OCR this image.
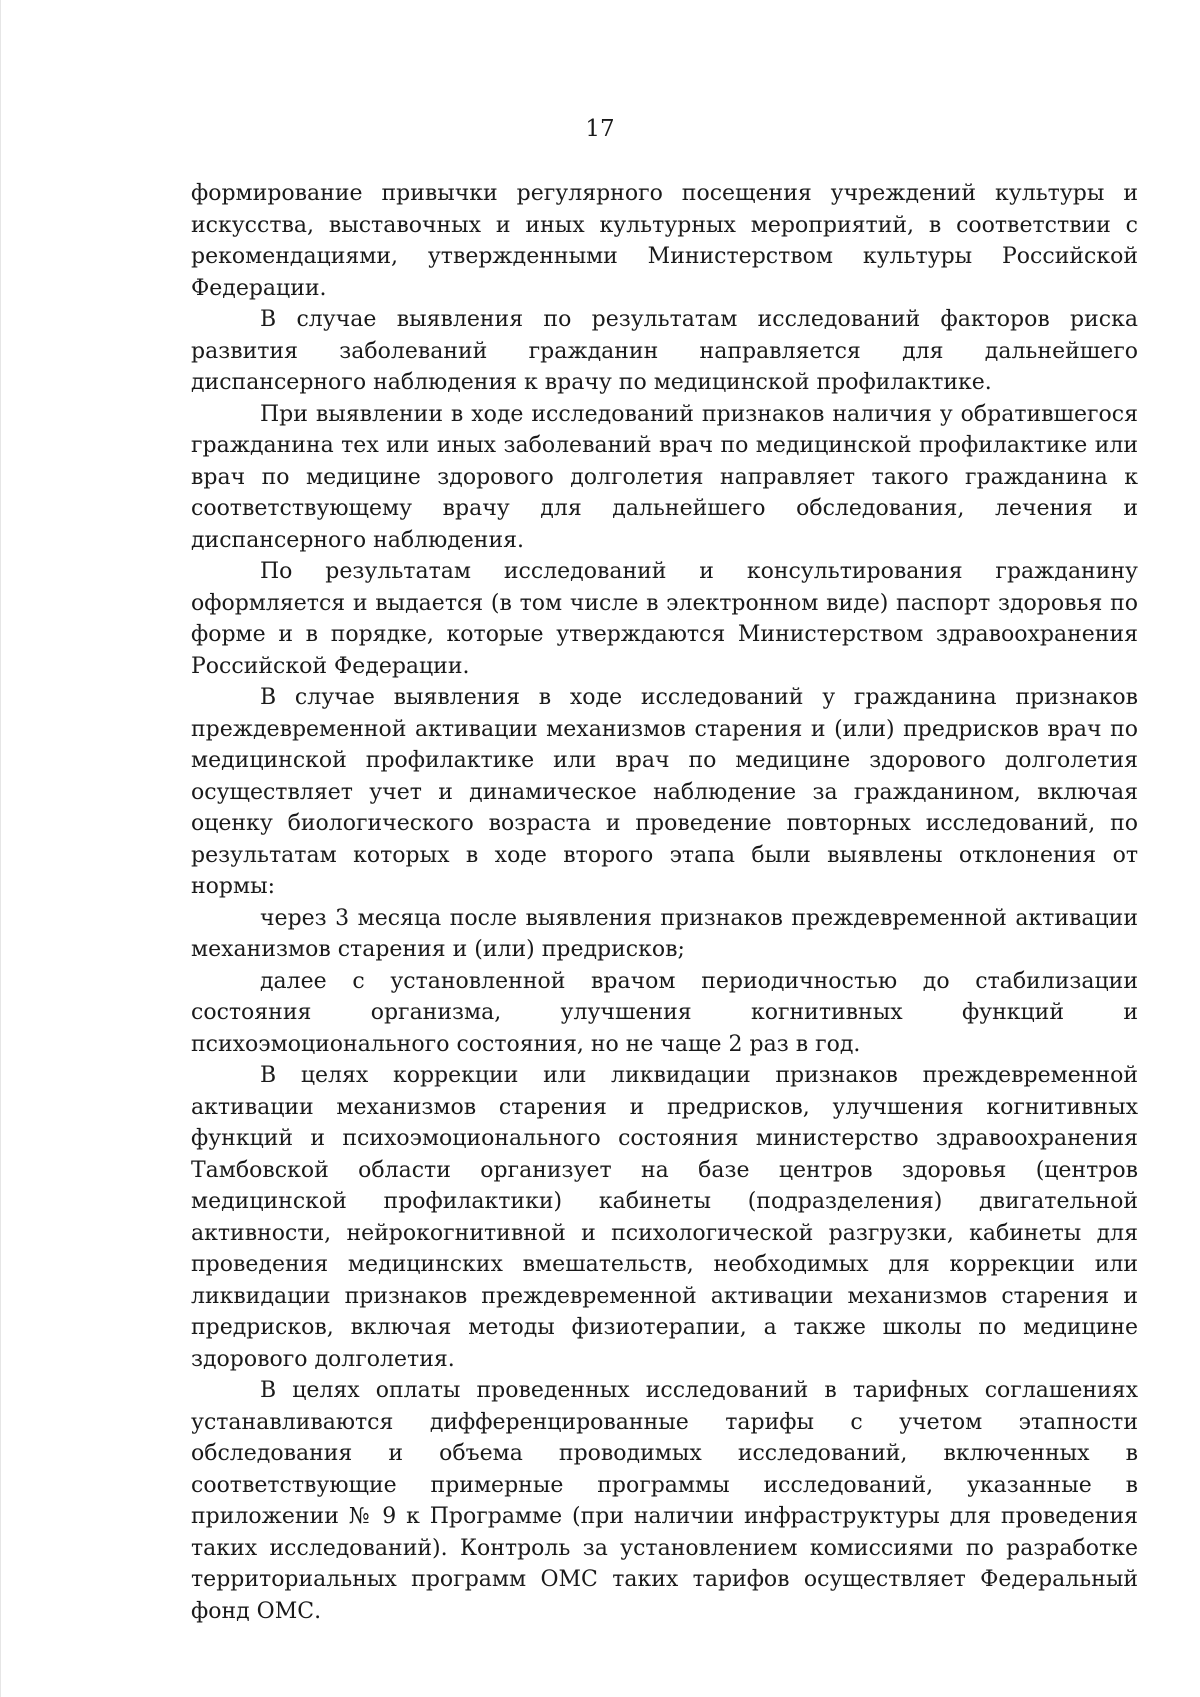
17

формирование привычки регулярного посещения учреждений культуры и искусства, выставочных и иных культурных мероприятий, в соответствии с рекомендациями, утвержденными Министерством культуры Российской Федерации.

В случае выявления по результатам исследований факторов риска развития заболеваний гражданин направляется для дальнейшего диспансерного наблюдения к врачу по медицинской профилактике.

При выявлении в ходе исследований признаков наличия у обратившегося гражданина тех или иных заболеваний врач по медицинской профилактике или врач по медицине здорового долголетия направляет такого гражданина к соответствующему врачу для дальнейшего обследования, лечения и диспансерного наблюдения.

По результатам исследований и консультирования гражданину оформляется и выдается (в том числе в электронном виде) паспорт здоровья по форме и в порядке, которые утверждаются Министерством здравоохранения Российской Федерации.

В случае выявления в ходе исследований у гражданина признаков преждевременной активации механизмов старения и (или) предрисков врач по медицинской профилактике или врач по медицине здорового долголетия осуществляет учет и динамическое наблюдение за гражданином, включая оценку биологического возраста и проведение повторных исследований, по результатам которых в ходе второго этапа были выявлены отклонения от нормы:

через 3 месяца после выявления признаков преждевременной активации механизмов старения и (или) предрисков;

далее с установленной врачом периодичностью до стабилизации состояния организма, улучшения когнитивных функций и психоэмоционального состояния, но не чаще 2 раз в год.

В целях коррекции или ликвидации признаков преждевременной активации механизмов старения и предрисков, улучшения когнитивных функций и психоэмоционального состояния министерство здравоохранения Тамбовской области организует на базе центров здоровья (центров медицинской профилактики) кабинеты (подразделения) двигательной активности, нейрокогнитивной и психологической разгрузки, кабинеты для проведения медицинских вмешательств, необходимых для коррекции или ликвидации признаков преждевременной активации механизмов старения и предрисков, включая методы физиотерапии, а также школы по медицине здорового долголетия.

В целях оплаты проведенных исследований в тарифных соглашениях устанавливаются дифференцированные тарифы с учетом этапности обследования и объема проводимых исследований, включенных в соответствующие примерные программы исследований, указанные в приложении № 9 к Программе (при наличии инфраструктуры для проведения таких исследований). Контроль за установлением комиссиями по разработке территориальных программ ОМС таких тарифов осуществляет Федеральный фонд ОМС.
